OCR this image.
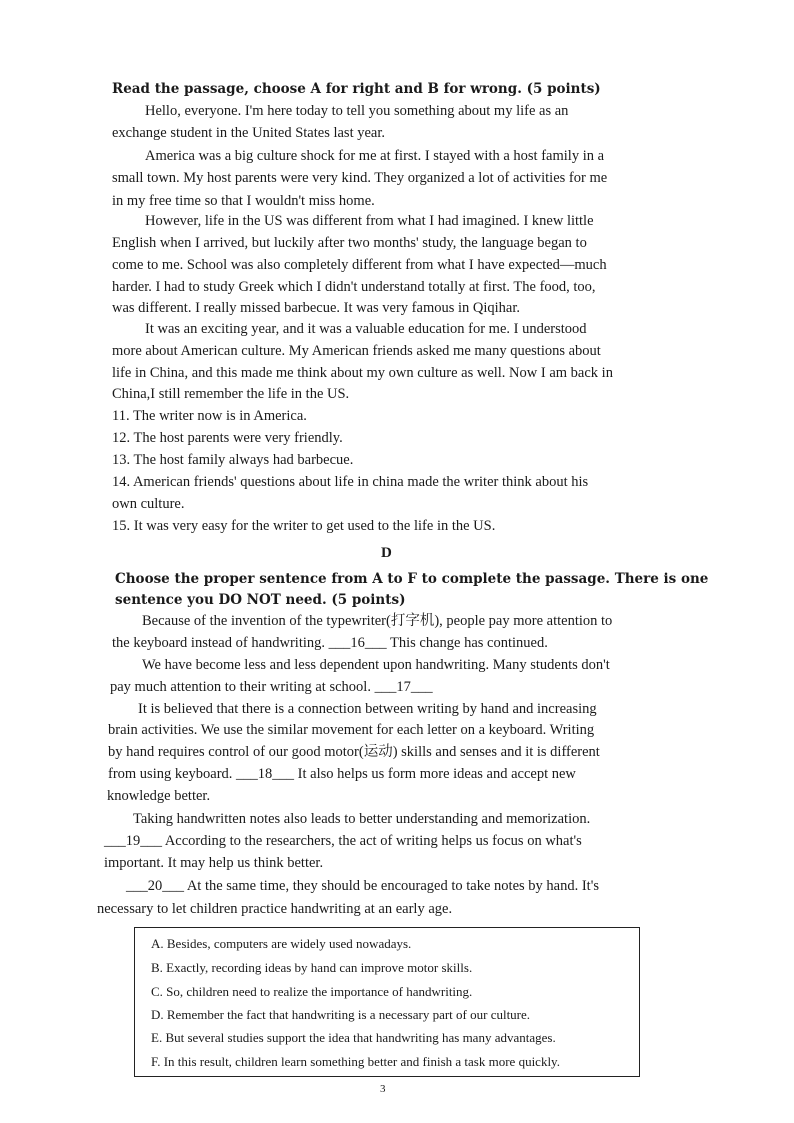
Read the passage, choose A for right and B for wrong. (5 points)
Hello, everyone. I'm here today to tell you something about my life as an
exchange student in the United States last year.
America was a big culture shock for me at first. I stayed with a host family in a
small town. My host parents were very kind. They organized a lot of activities for me
in my free time so that I wouldn't miss home.
However, life in the US was different from what I had imagined. I knew little
English when I arrived, but luckily after two months' study, the language began to
come to me. School was also completely different from what I have expected—much
harder. I had to study Greek which I didn't understand totally at first. The food, too,
was different. I really missed barbecue. It was very famous in Qiqihar.
It was an exciting year, and it was a valuable education for me. I understood
more about American culture. My American friends asked me many questions about
life in China, and this made me think about my own culture as well. Now I am back in
China,I still remember the life in the US.
11. The writer now is in America.
12. The host parents were very friendly.
13. The host family always had barbecue.
14. American friends' questions about life in china made the writer think about his
own culture.
15. It was very easy for the writer to get used to the life in the US.
D
Choose the proper sentence from A to F to complete the passage. There is one
sentence you DO NOT need. (5 points)
Because of the invention of the typewriter(打字机), people pay more attention to
the keyboard instead of handwriting. ___16___ This change has continued.
We have become less and less dependent upon handwriting. Many students don't
pay much attention to their writing at school. ___17___
It is believed that there is a connection between writing by hand and increasing
brain activities. We use the similar movement for each letter on a keyboard. Writing
by hand requires control of our good motor(运动) skills and senses and it is different
from using keyboard. ___18___ It also helps us form more ideas and accept new
knowledge better.
Taking handwritten notes also leads to better understanding and memorization.
___19___ According to the researchers, the act of writing helps us focus on what's
important. It may help us think better.
___20___ At the same time, they should be encouraged to take notes by hand. It's
necessary to let children practice handwriting at an early age.
A. Besides, computers are widely used nowadays.
B. Exactly, recording ideas by hand can improve motor skills.
C. So, children need to realize the importance of handwriting.
D. Remember the fact that handwriting is a necessary part of our culture.
E. But several studies support the idea that handwriting has many advantages.
F. In this result, children learn something better and finish a task more quickly.
3
